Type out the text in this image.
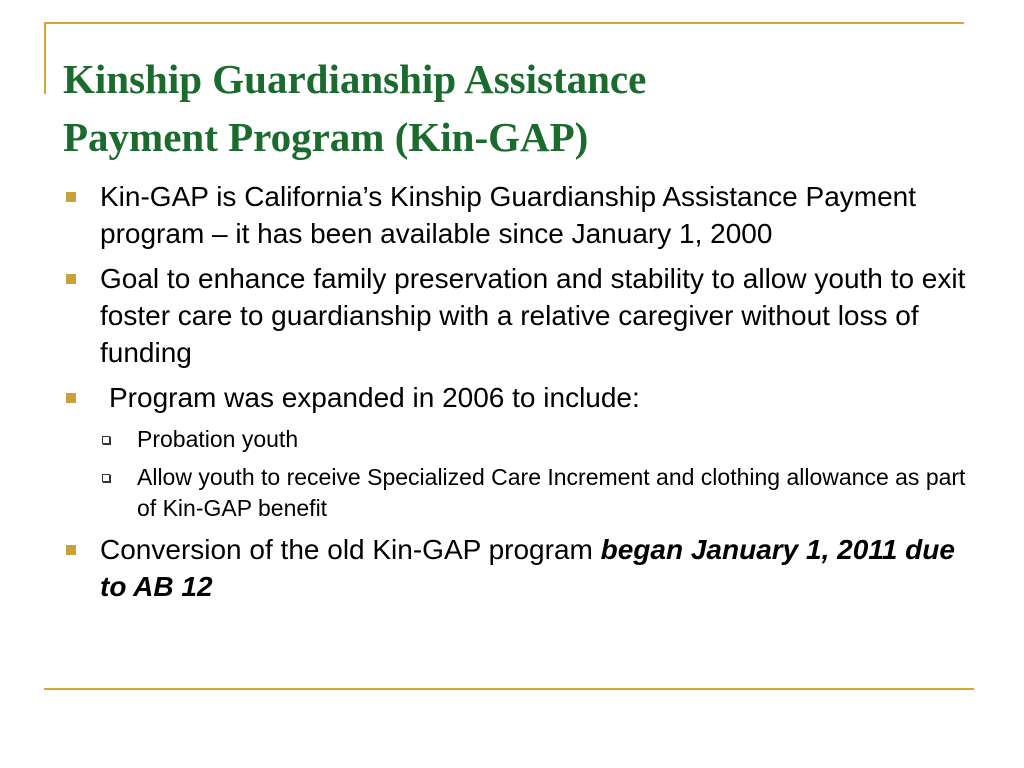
Kinship Guardianship Assistance
Payment Program (Kin-GAP)
Kin-GAP is California’s Kinship Guardianship Assistance Payment program – it has been available since January 1, 2000
Goal to enhance family preservation and stability to allow youth to exit foster care to guardianship with a relative caregiver without loss of funding
Program was expanded in 2006 to include:
Probation youth
Allow youth to receive Specialized Care Increment and clothing allowance as part of Kin-GAP benefit
Conversion of the old Kin-GAP program began January 1, 2011 due to AB 12
